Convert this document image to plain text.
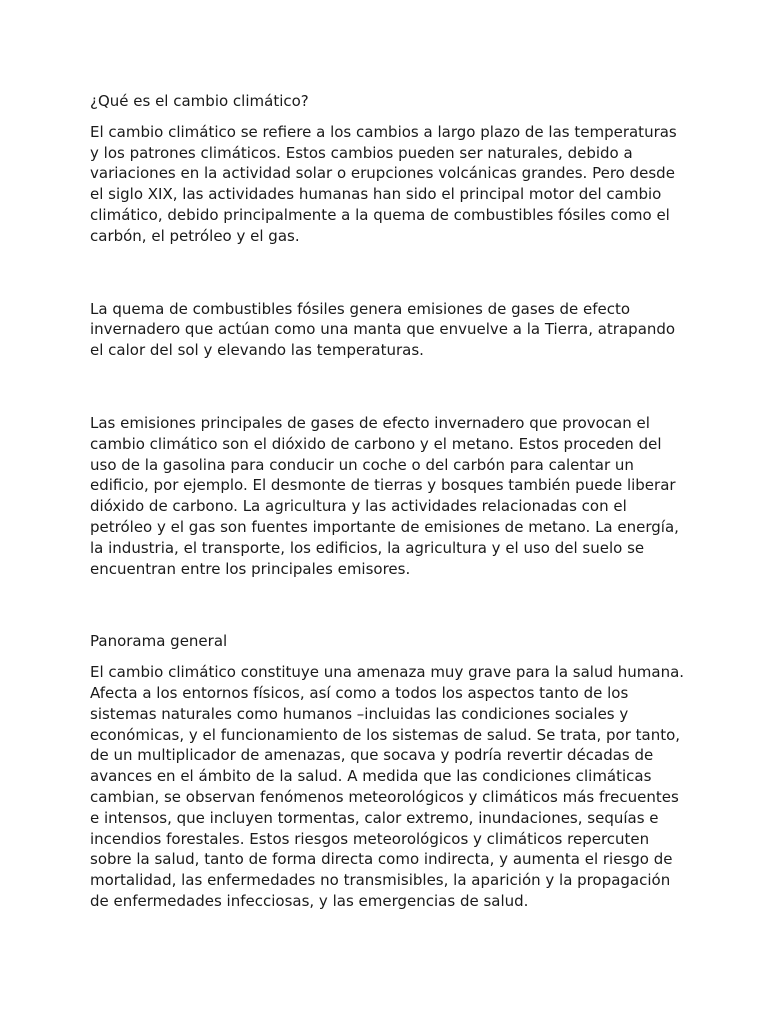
¿Qué es el cambio climático?

El cambio climático se refiere a los cambios a largo plazo de las temperaturas y los patrones climáticos. Estos cambios pueden ser naturales, debido a variaciones en la actividad solar o erupciones volcánicas grandes. Pero desde el siglo XIX, las actividades humanas han sido el principal motor del cambio climático, debido principalmente a la quema de combustibles fósiles como el carbón, el petróleo y el gas.

La quema de combustibles fósiles genera emisiones de gases de efecto invernadero que actúan como una manta que envuelve a la Tierra, atrapando el calor del sol y elevando las temperaturas.

Las emisiones principales de gases de efecto invernadero que provocan el cambio climático son el dióxido de carbono y el metano. Estos proceden del uso de la gasolina para conducir un coche o del carbón para calentar un edificio, por ejemplo. El desmonte de tierras y bosques también puede liberar dióxido de carbono. La agricultura y las actividades relacionadas con el petróleo y el gas son fuentes importante de emisiones de metano. La energía, la industria, el transporte, los edificios, la agricultura y el uso del suelo se encuentran entre los principales emisores.

Panorama general

El cambio climático constituye una amenaza muy grave para la salud humana. Afecta a los entornos físicos, así como a todos los aspectos tanto de los sistemas naturales como humanos –incluidas las condiciones sociales y económicas, y el funcionamiento de los sistemas de salud. Se trata, por tanto, de un multiplicador de amenazas, que socava y podría revertir décadas de avances en el ámbito de la salud. A medida que las condiciones climáticas cambian, se observan fenómenos meteorológicos y climáticos más frecuentes e intensos, que incluyen tormentas, calor extremo, inundaciones, sequías e incendios forestales. Estos riesgos meteorológicos y climáticos repercuten sobre la salud, tanto de forma directa como indirecta, y aumenta el riesgo de mortalidad, las enfermedades no transmisibles, la aparición y la propagación de enfermedades infecciosas, y las emergencias de salud.
